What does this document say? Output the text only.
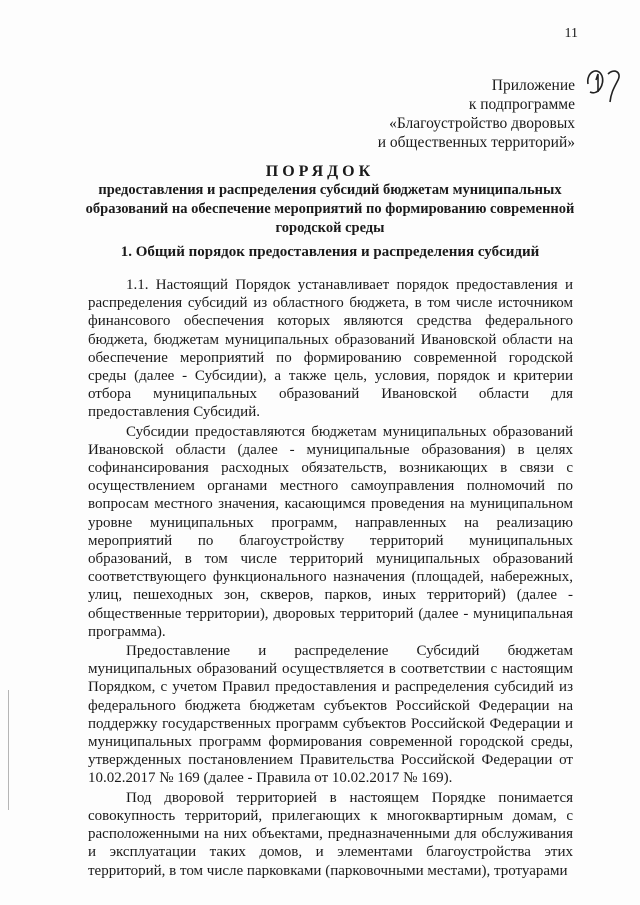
11
Приложение
к подпрограмме
«Благоустройство дворовых
и общественных территорий»
ПОРЯДОК
предоставления и распределения субсидий бюджетам муниципальных образований на обеспечение мероприятий по формированию современной городской среды
1. Общий порядок предоставления и распределения субсидий

1.1. Настоящий Порядок устанавливает порядок предоставления и распределения субсидий из областного бюджета, в том числе источником финансового обеспечения которых являются средства федерального бюджета, бюджетам муниципальных образований Ивановской области на обеспечение мероприятий по формированию современной городской среды (далее - Субсидии), а также цель, условия, порядок и критерии отбора муниципальных образований Ивановской области для предоставления Субсидий.

Субсидии предоставляются бюджетам муниципальных образований Ивановской области (далее - муниципальные образования) в целях софинансирования расходных обязательств, возникающих в связи с осуществлением органами местного самоуправления полномочий по вопросам местного значения, касающимся проведения на муниципальном уровне муниципальных программ, направленных на реализацию мероприятий по благоустройству территорий муниципальных образований, в том числе территорий муниципальных образований соответствующего функционального назначения (площадей, набережных, улиц, пешеходных зон, скверов, парков, иных территорий) (далее - общественные территории), дворовых территорий (далее - муниципальная программа).

Предоставление и распределение Субсидий бюджетам муниципальных образований осуществляется в соответствии с настоящим Порядком, с учетом Правил предоставления и распределения субсидий из федерального бюджета бюджетам субъектов Российской Федерации на поддержку государственных программ субъектов Российской Федерации и муниципальных программ формирования современной городской среды, утвержденных постановлением Правительства Российской Федерации от 10.02.2017 № 169 (далее - Правила от 10.02.2017 № 169).

Под дворовой территорией в настоящем Порядке понимается совокупность территорий, прилегающих к многоквартирным домам, с расположенными на них объектами, предназначенными для обслуживания и эксплуатации таких домов, и элементами благоустройства этих территорий, в том числе парковками (парковочными местами), тротуарами
